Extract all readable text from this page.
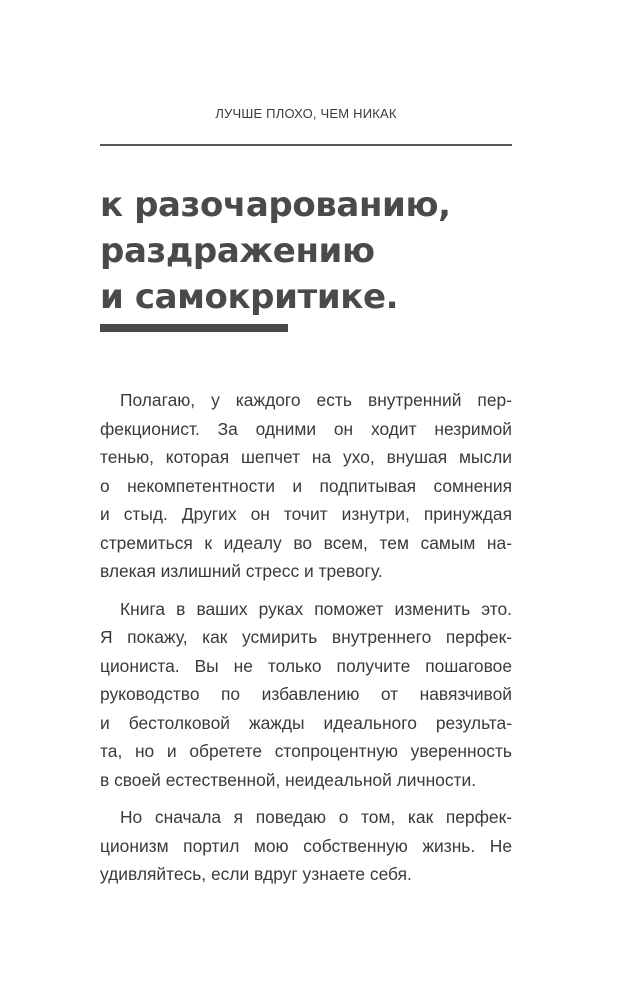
ЛУЧШЕ ПЛОХО, ЧЕМ НИКАК
к разочарованию,
раздражению
и самокритике.
Полагаю, у каждого есть внутренний пер-
фекционист. За одними он ходит незримой
тенью, которая шепчет на ухо, внушая мысли
о некомпетентности и подпитывая сомнения
и стыд. Других он точит изнутри, принуждая
стремиться к идеалу во всем, тем самым на-
влекая излишний стресс и тревогу.
Книга в ваших руках поможет изменить это.
Я покажу, как усмирить внутреннего перфек-
циониста. Вы не только получите пошаговое
руководство по избавлению от навязчивой
и бестолковой жажды идеального результа-
та, но и обретете стопроцентную уверенность
в своей естественной, неидеальной личности.
Но сначала я поведаю о том, как перфек-
ционизм портил мою собственную жизнь. Не
удивляйтесь, если вдруг узнаете себя.
